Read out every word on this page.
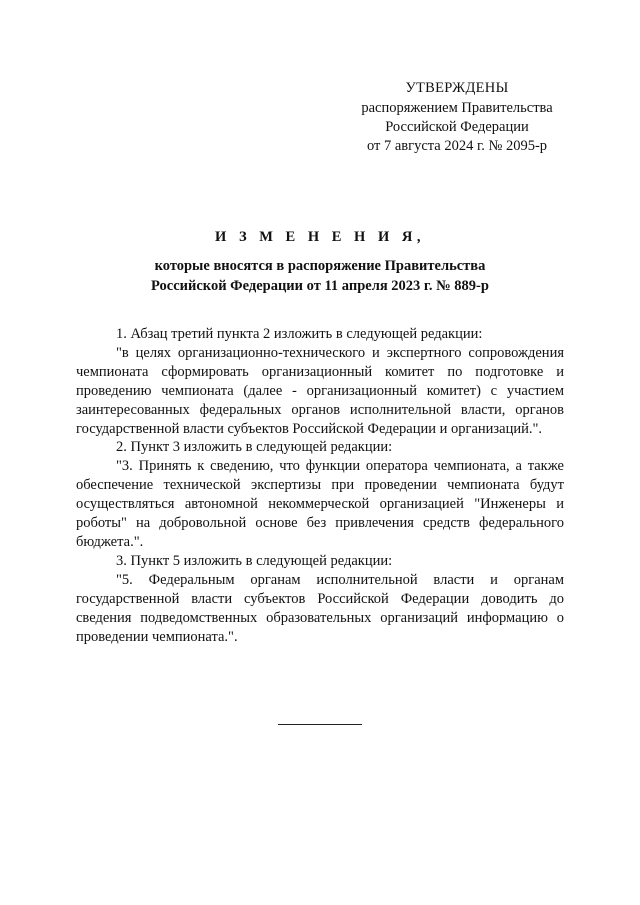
УТВЕРЖДЕНЫ
распоряжением Правительства
Российской Федерации
от 7 августа 2024 г. № 2095-р
И З М Е Н Е Н И Я,
которые вносятся в распоряжение Правительства
Российской Федерации от 11 апреля 2023 г. № 889-р

1. Абзац третий пункта 2 изложить в следующей редакции:

"в целях организационно-технического и экспертного сопровождения чемпионата сформировать организационный комитет по подготовке и проведению чемпионата (далее - организационный комитет) с участием заинтересованных федеральных органов исполнительной власти, органов государственной власти субъектов Российской Федерации и организаций.".

2. Пункт 3 изложить в следующей редакции:

"3. Принять к сведению, что функции оператора чемпионата, а также обеспечение технической экспертизы при проведении чемпионата будут осуществляться автономной некоммерческой организацией "Инженеры и роботы" на добровольной основе без привлечения средств федерального бюджета.".

3. Пункт 5 изложить в следующей редакции:

"5. Федеральным органам исполнительной власти и органам государственной власти субъектов Российской Федерации доводить до сведения подведомственных образовательных организаций информацию о проведении чемпионата.".
